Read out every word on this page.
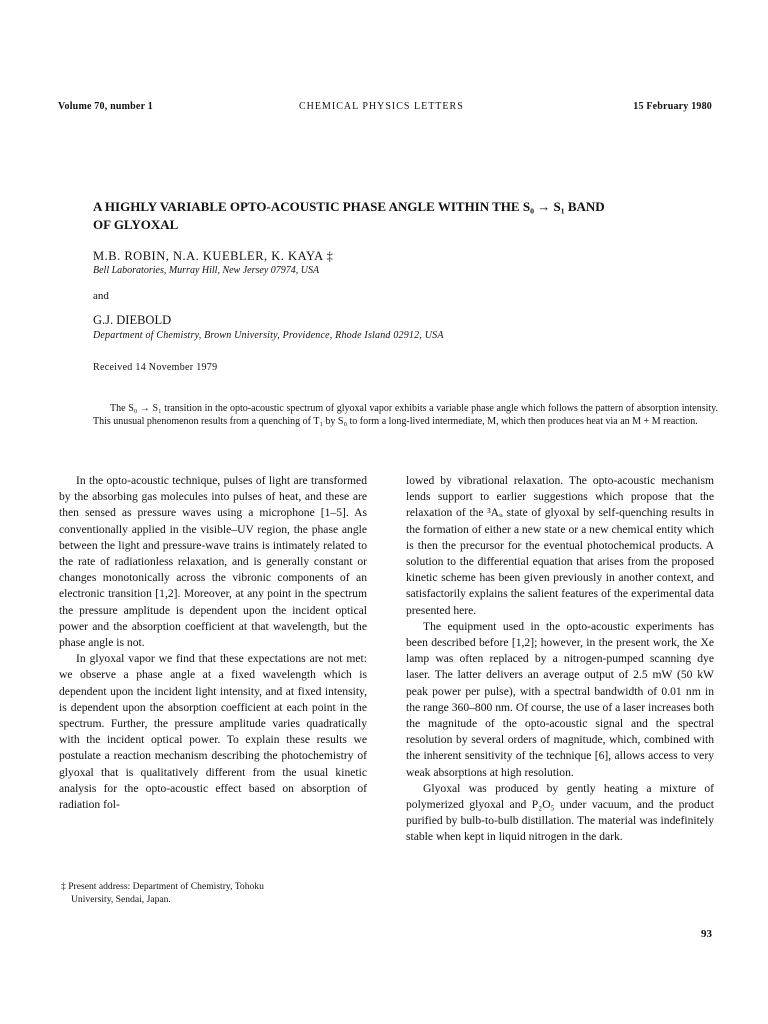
Volume 70, number 1	CHEMICAL PHYSICS LETTERS	15 February 1980
A HIGHLY VARIABLE OPTO-ACOUSTIC PHASE ANGLE WITHIN THE S₀ → S₁ BAND
OF GLYOXAL
M.B. ROBIN, N.A. KUEBLER, K. KAYA ‡
Bell Laboratories, Murray Hill, New Jersey 07974, USA
and
G.J. DIEBOLD
Department of Chemistry, Brown University, Providence, Rhode Island 02912, USA
Received 14 November 1979
The S₀ → S₁ transition in the opto-acoustic spectrum of glyoxal vapor exhibits a variable phase angle which follows the pattern of absorption intensity. This unusual phenomenon results from a quenching of T₁ by S₀ to form a long-lived intermediate, M, which then produces heat via an M + M reaction.

In the opto-acoustic technique, pulses of light are transformed by the absorbing gas molecules into pulses of heat, and these are then sensed as pressure waves using a microphone [1–5]. As conventionally applied in the visible–UV region, the phase angle between the light and pressure-wave trains is intimately related to the rate of radiationless relaxation, and is generally constant or changes monotonically across the vibronic components of an electronic transition [1,2]. Moreover, at any point in the spectrum the pressure amplitude is dependent upon the incident optical power and the absorption coefficient at that wavelength, but the phase angle is not.

In glyoxal vapor we find that these expectations are not met: we observe a phase angle at a fixed wavelength which is dependent upon the incident light intensity, and at fixed intensity, is dependent upon the absorption coefficient at each point in the spectrum. Further, the pressure amplitude varies quadratically with the incident optical power. To explain these results we postulate a reaction mechanism describing the photochemistry of glyoxal that is qualitatively different from the usual kinetic analysis for the opto-acoustic effect based on absorption of radiation fol-

lowed by vibrational relaxation. The opto-acoustic mechanism lends support to earlier suggestions which propose that the relaxation of the ³Aᵤ state of glyoxal by self-quenching results in the formation of either a new state or a new chemical entity which is then the precursor for the eventual photochemical products. A solution to the differential equation that arises from the proposed kinetic scheme has been given previously in another context, and satisfactorily explains the salient features of the experimental data presented here.

The equipment used in the opto-acoustic experiments has been described before [1,2]; however, in the present work, the Xe lamp was often replaced by a nitrogen-pumped scanning dye laser. The latter delivers an average output of 2.5 mW (50 kW peak power per pulse), with a spectral bandwidth of 0.01 nm in the range 360–800 nm. Of course, the use of a laser increases both the magnitude of the opto-acoustic signal and the spectral resolution by several orders of magnitude, which, combined with the inherent sensitivity of the technique [6], allows access to very weak absorptions at high resolution.

Glyoxal was produced by gently heating a mixture of polymerized glyoxal and P₂O₅ under vacuum, and the product purified by bulb-to-bulb distillation. The material was indefinitely stable when kept in liquid nitrogen in the dark.

‡ Present address: Department of Chemistry, Tohoku
University, Sendai, Japan.
93
